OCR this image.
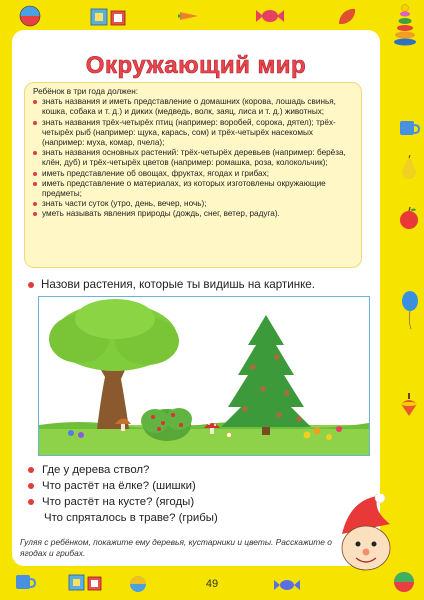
Окружающий мир
Ребёнок в три года должен:
знать названия и иметь представление о домашних (корова, лошадь свинья, кошка, собака и т. д.) и диких (медведь, волк, заяц, лиса и т. д.) животных;
знать названия трёх-четырёх птиц (например: воробей, сорока, дятел); трёх-четырёх рыб (например: щука, карась, сом) и трёх-четырёх насекомых (например: муха, комар, пчела);
знать названия основных растений: трёх-четырёх деревьев (например: берёза, клён, дуб) и трёх-четырёх цветов (например: ромашка, роза, колокольчик);
иметь представление об овощах, фруктах, ягодах и грибах;
иметь представление о материалах, из которых изготовлены окружающие предметы;
знать части суток (утро, день, вечер, ночь);
уметь называть явления природы (дождь, снег, ветер, радуга).
Назови растения, которые ты видишь на картинке.
Где у дерева ствол?
Что растёт на ёлке? (шишки)
Что растёт на кусте? (ягоды)
Что спряталось в траве? (грибы)
Гуляя с ребёнком, покажите ему деревья, кустарники и цветы. Расскажите о ягодах и грибах.
49
